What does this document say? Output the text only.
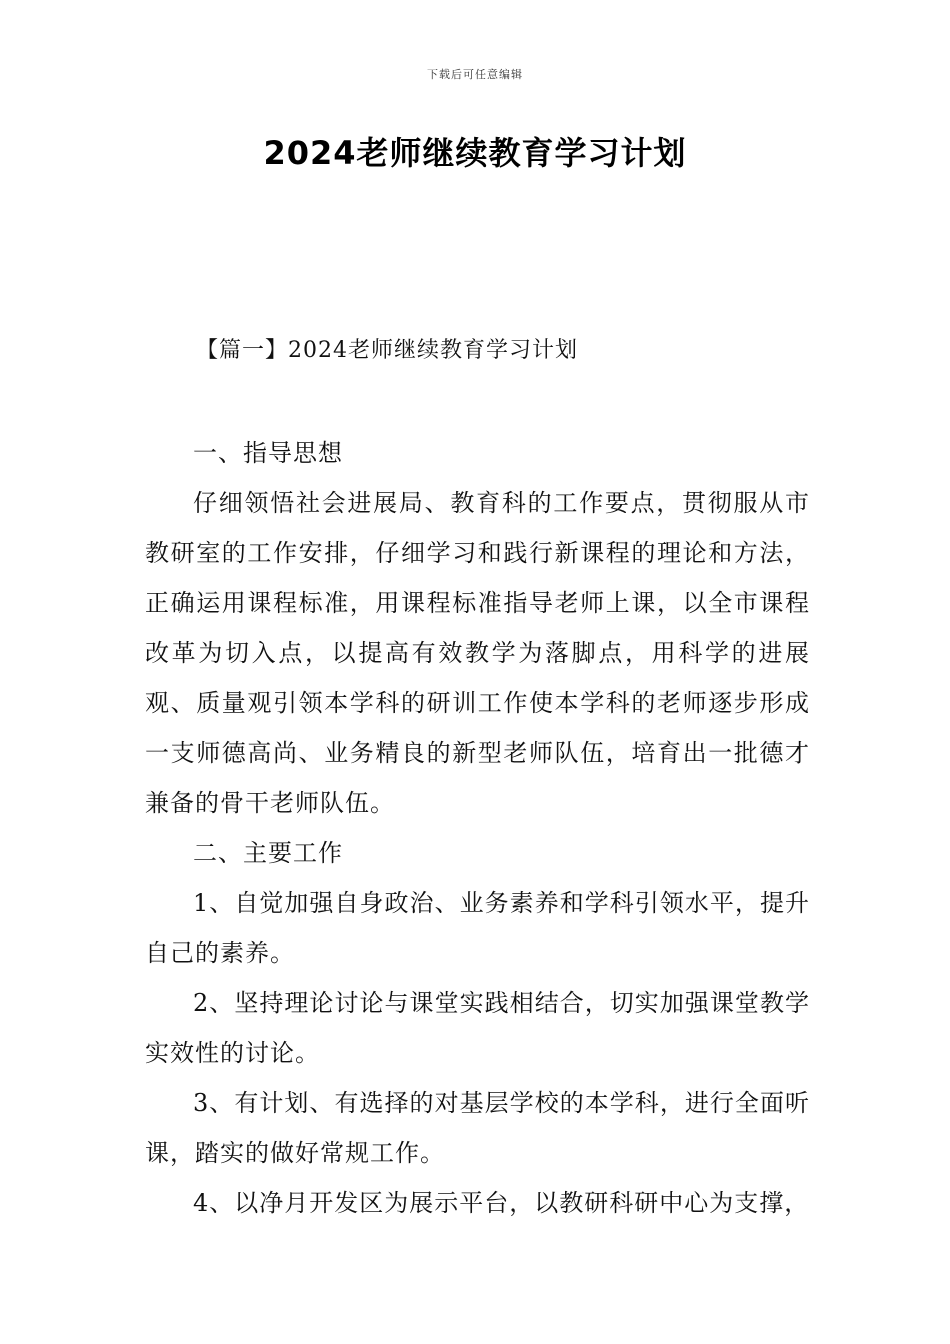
下载后可任意编辑
2024老师继续教育学习计划
【篇一】2024老师继续教育学习计划

一、指导思想

仔细领悟社会进展局、教育科的工作要点，贯彻服从市教研室的工作安排，仔细学习和践行新课程的理论和方法，正确运用课程标准，用课程标准指导老师上课，以全市课程改革为切入点，以提高有效教学为落脚点，用科学的进展观、质量观引领本学科的研训工作使本学科的老师逐步形成一支师德高尚、业务精良的新型老师队伍，培育出一批德才兼备的骨干老师队伍。

二、主要工作

1、自觉加强自身政治、业务素养和学科引领水平，提升自己的素养。

2、坚持理论讨论与课堂实践相结合，切实加强课堂教学实效性的讨论。

3、有计划、有选择的对基层学校的本学科，进行全面听课，踏实的做好常规工作。

4、以净月开发区为展示平台，以教研科研中心为支撑，
